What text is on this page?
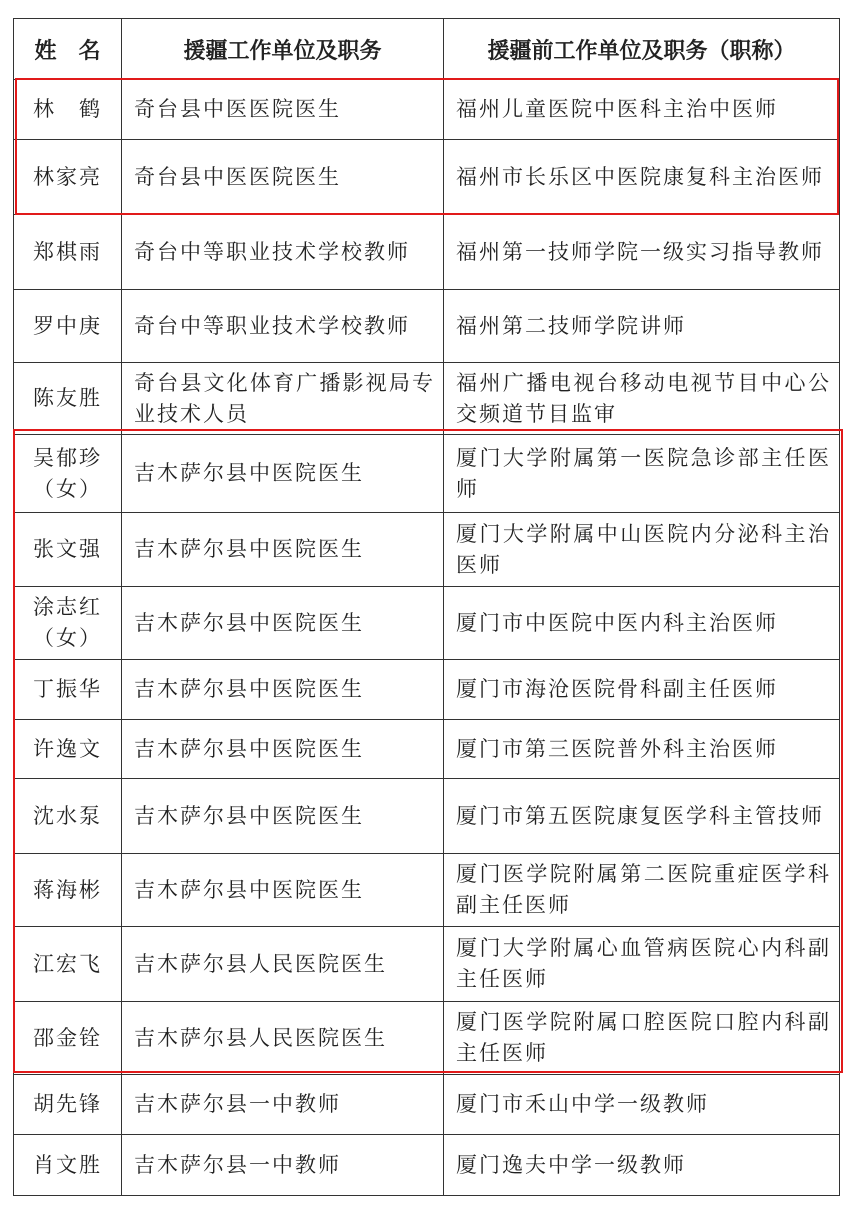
姓　名	援疆工作单位及职务	援疆前工作单位及职务（职称）
林　鹤	奇台县中医医院医生	福州儿童医院中医科主治中医师
林家亮	奇台县中医医院医生	福州市长乐区中医院康复科主治医师
郑棋雨	奇台中等职业技术学校教师	福州第一技师学院一级实习指导教师
罗中庚	奇台中等职业技术学校教师	福州第二技师学院讲师
陈友胜	奇台县文化体育广播影视局专业技术人员	福州广播电视台移动电视节目中心公交频道节目监审
吴郁珍（女）	吉木萨尔县中医院医生	厦门大学附属第一医院急诊部主任医师
张文强	吉木萨尔县中医院医生	厦门大学附属中山医院内分泌科主治医师
涂志红（女）	吉木萨尔县中医院医生	厦门市中医院中医内科主治医师
丁振华	吉木萨尔县中医院医生	厦门市海沧医院骨科副主任医师
许逸文	吉木萨尔县中医院医生	厦门市第三医院普外科主治医师
沈水泵	吉木萨尔县中医院医生	厦门市第五医院康复医学科主管技师
蒋海彬	吉木萨尔县中医院医生	厦门医学院附属第二医院重症医学科副主任医师
江宏飞	吉木萨尔县人民医院医生	厦门大学附属心血管病医院心内科副主任医师
邵金铨	吉木萨尔县人民医院医生	厦门医学院附属口腔医院口腔内科副主任医师
胡先锋	吉木萨尔县一中教师	厦门市禾山中学一级教师
肖文胜	吉木萨尔县一中教师	厦门逸夫中学一级教师
